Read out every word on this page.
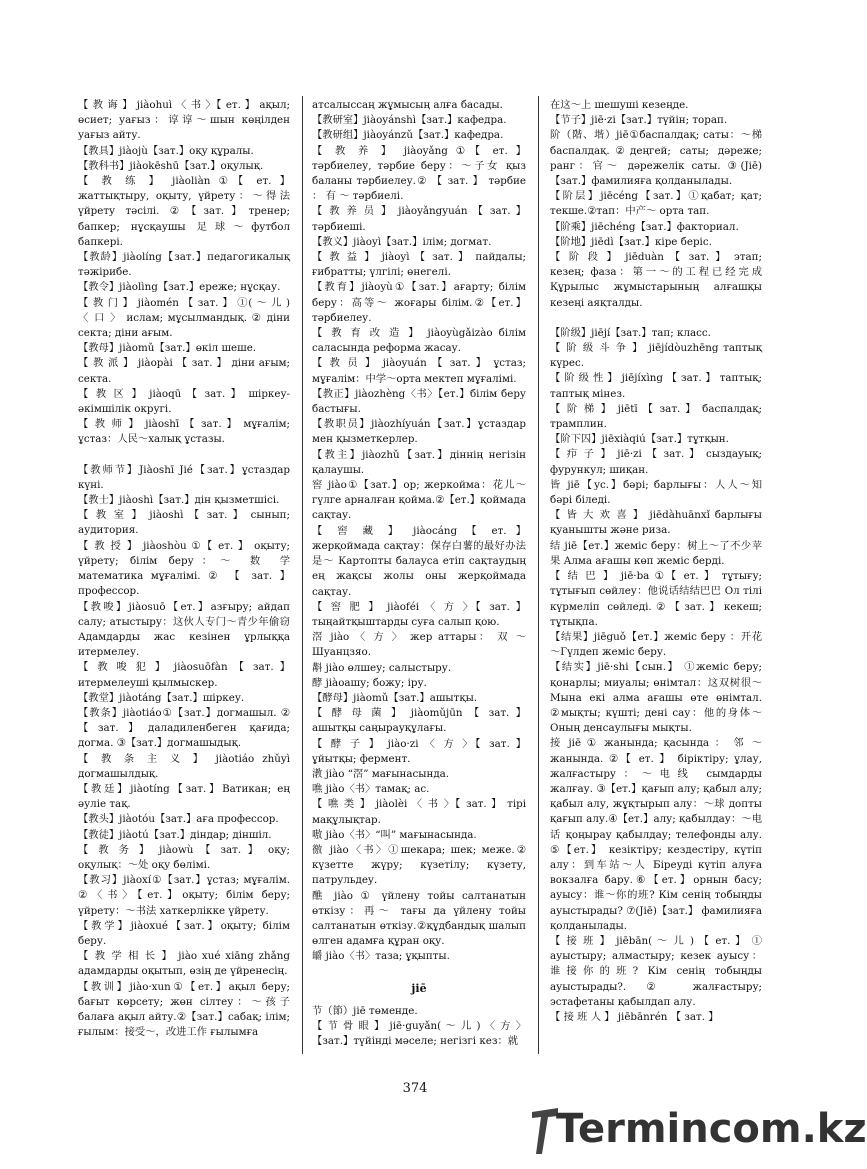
【 教 诲 】 jiàohuì 〈 书 〉【 ет. 】 ақыл; өсиет; уағыз：谆谆～шын көңілден уағыз айту.

【教具】jiàojù【зат.】оқу құралы.

【教科书】jiàokēshū【зат.】оқулық.

【 教 练 】 jiàoliàn ①【 ет. 】 жаттықтыру, оқыту, үйрету：～得法 үйрету тәсілі. ②【зат.】тренер; бапкер; нұсқаушы 足球～футбол бапкері.

【教龄】jiàolíng【зат.】педагогикалық тәжірибе.

【教令】jiàolìng【зат.】ереже; нұсқау.

【 教 门 】 jiàomén 【 зат. 】 ①( ～ 儿 ) 〈 口 〉 ислам; мұсылмандық. ② діни секта; діни ағым.

【教母】jiàomǔ【зат.】өкіл шеше.

【 教 派 】 jiàopài 【 зат. 】 діни ағым; секта.

【 教 区 】 jiàoqū 【 зат. 】 шіркеу-әкімшілік округі.

【 教 师 】 jiàoshī 【 зат. 】 мұғалім; ұстаз：人民～халық ұстазы.

【教师节】Jiàoshī Jié【зат.】ұстаздар күні.

【教士】jiàoshì【зат.】дін қызметшісі.

【 教 室 】 jiàoshì 【 зат. 】 сынып; аудитория.

【 教 授 】 jiàoshòu ①【 ет. 】 оқыту; үйрету; білім беру：～ 数 学 математика мұғалімі. ② 【 зат. 】 профессор.

【教唆】jiàosuō【ет.】азғыру; айдап салу; атыстыру：这伙人专门～青少年偷窃 Адамдарды жас кезінен ұрлыққа итермелеу.

【 教 唆 犯 】 jiàosuōfàn 【 зат. 】 итермелеуші қылмыскер.

【教堂】jiàotáng【зат.】шіркеу.

【教条】jiàotiáo①【зат.】догмашыл. ②【зат.】даладиленбеген қағида; догма. ③【зат.】догмашыдық.

【 教 条 主 义 】 jiàotiáo zhǔyì догмашылдық.

【教廷】jiàotíng【зат.】Ватикан; ең әуліе тақ.

【教头】jiàotóu【зат.】аға профессор.

【教徒】jiàotú【зат.】діндар; діншіл.

【 教 务 】 jiàowù 【 зат. 】 оқу; оқулық：～处 оқу бөлімі.

【教习】jiàoxí①【зат.】ұстаз; мұғалім. ②〈书〉【ет.】оқыту; білім беру; үйрету：～书法 хаткерлікке үйрету.

【教学】jiàoxué【зат.】оқыту; білім беру.

【 教 学 相 长 】 jiào xué xiāng zhǎng адамдарды оқытып, өзің де үйренесің.

【教训】jiào·xun①【ет.】ақыл беру; бағыт көрсету; жөн сілтеу：～孩子 балаға ақыл айту.②【зат.】сабақ; ілім; ғылым：接受～，改进工作 ғылымға

атсалыссаң жұмысың алға басады.

【教研室】jiàoyánshì【зат.】кафедра.

【教研组】jiàoyánzǔ【зат.】кафедра.

【 教 养 】 jiàoyǎng ①【 ет. 】 тәрбиелеу, тәрбие беру：～子女 қыз баланы тәрбиелеу.② 【 зат. 】 тәрбие ： 有 ～ тәрбиелі.

【 教 养 员 】 jiàoyǎngyuán 【 зат. 】 тәрбиеші.

【教义】jiàoyì【зат.】ілім; догмат.

【 教 益 】 jiàoyì 【 зат. 】 пайдалы; ғибратты; үлгілі; өнегелі.

【教育】jiàoyù①【зат.】ағарту; білім беру：高等～ жоғары білім.②【ет.】тәрбиелеу.

【 教 育 改 造 】 jiàoyùgǎizào білім саласында реформа жасау.

【 教 员 】 jiàoyuán 【 зат. 】 ұстаз; мұғалім：中学～орта мектеп мұғалімі.

【教正】jiàozhèng〈书〉【ет.】білім беру бастығы.

【教职员】jiàozhíyuán【зат.】ұстаздар мен қызметкерлер.

【教主】jiàozhǔ【зат.】діннің негізін қалаушы.

窖 jiào①【зат.】ор; жеркойма：花儿～гүлге арналған қойма.②【ет.】қоймада сақтау.

【 窖 藏 】 jiàocáng 【 ет. 】 жерқоймада сақтау：保存白薯的最好办法是～ Картопты балауса етіп сақтаудың ең жақсы жолы оны жерқоймада сақтау.

【 窖 肥 】 jiàoféi 〈 方 〉【 зат. 】 тыңайтқыштарды суға салып қою.

滘 jiào 〈 方 〉 жер аттары： 双 ～ Шуанцзяо.

斠 jiào өлшеу; салыстыру.

酵 jiàoашу; божу; іру.

【酵母】jiàomǔ【зат.】ашытқы.

【 酵 母 菌 】 jiàomǔjūn 【 зат. 】 ашытқы саңырауқұлағы.

【 酵 子 】 jiào·zi 〈 方 〉【 зат. 】 ұйытқы; фермент.

漖 jiào “滘” мағынасында.

噍 jiào〈书〉тамақ; ас.

【 噍 类 】 jiàolèi 〈 书 〉【 зат. 】 тірі мақұлықтар.

嗷 jiào〈书〉“叫” мағынасында.

徼 jiào〈书〉①шекара; шек; межe.② күзетте жүру; күзетілу; күзету, патрульдеу.

醮 jiào ① үйлену тойы салтанатын өткізу：再～ тағы да үйлену тойы салтанатын өткізу.②құдбандық шалып өлген адамға құран оқу.

皭 jiào〈书〉таза; ұқыпты.

jiē

节（節）jiē төменде.

【 节 骨 眼 】 jiē·guyǎn( ～ 儿 ) 〈 方 〉【зат.】түйінді мәселе; негізгі кез：就

在这～上 шешуші кезеңде.

【节子】jiē·zi【зат.】түйін; торап.

阶（階、堦）jiē①баспалдақ; саты：～梯 баспалдақ.②деңгей; саты; дәреже; ранг：官～ дәрежелік саты. ③(Jiē)【зат.】фамилияға қолданылады.

【阶层】jiēcéng【зат.】①қабат; қат; текше.②тап：中产～ орта тап.

【阶乘】jiēchéng【зат.】факториал.

【阶地】jiēdì【зат.】кіре беріс.

【 阶 段 】 jiēduàn 【 зат. 】 этап; кезең; фаза：第一～的工程已经完成 Құрылыс жұмыстарының алғашқы кезеңі аяқталды.

【阶级】jiējí【зат.】тап; класс.

【 阶 级 斗 争 】 jiējídòuzhēng таптық күрес.

【 阶 级 性 】 jiējíxìng 【 зат. 】 таптық; таптық мінез.

【 阶 梯 】 jiētī 【 зат. 】 баспалдақ; трамплин.

【阶下囚】jiēxiàqiú【зат.】тұтқын.

【 疖 子 】 jiē·zi 【 зат. 】 сыздауық; фурункул; шиқан.

皆 jiē【ус.】бәрі; барлығы：人人～知 бәрі біледі.

【 皆 大 欢 喜 】 jiēdàhuānxǐ барлығы қуанышты және риза.

结 jiē【ет.】жеміс беру：树上～了不少苹果 Алма ағашы көп жеміс берді.

【 结 巴 】 jiē·ba ①【 ет. 】 тұтығу; тұтығып сөйлеу：他说话结结巴巴 Ол тілі күрмеліп сөйледі.②【зат.】кекеш; тұтықпа.

【结果】jiēguǒ【ет.】жеміс беру ：开花～Гүлдеп жеміс беру.

【结实】jiē·shi【сын.】 ①жеміс беру; қонарлы; миуалы; өнімтал：这双树很～ Мына екі алма ағашы өте өнімтал. ②мықты; күшті; дені сау：他的身体～ Оның денсаулығы мықты.

接 jiē ① жанында; қасында ： 邻 ～жанында. ②【 ет. 】 біріктіру; ұлау, жалғастыру：～电线 сымдарды жалғау. ③【ет.】қағып алу; қабыл алу; қабыл алу, жұқтырып алу：～球 допты қағып алу.④【ет.】алу; қабылдау：～电话 қоңырау қабылдау; телефонды алу. ⑤【ет.】 кезіктіру; кездестіру, күтіп алу：到车站～人 Біреуді күтіп алуға вокзалға бару.⑥【ет.】орнын басу; ауысу：谁～你的班? Кім сенің тобыңды ауыстырады? ⑦(Jiē)【зат.】 фамилияға қолданылады.

【 接 班 】 jiēbān( ～ 儿 ) 【 ет. 】 ① ауыстыру; алмастыру; кезек ауысу：谁接你的班? Кім сенің тобыңды ауыстырады?. ② жалғастыру; эстафетаны қабылдап алу.

【 接 班 人 】 jiēbānrén 【 зат. 】

374
Termincom.kz
